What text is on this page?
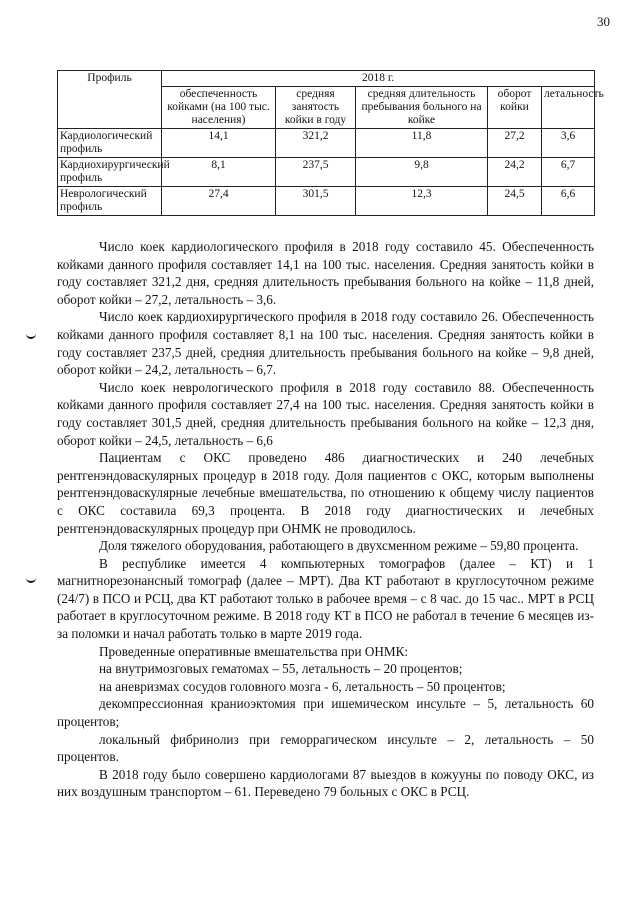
30
Профиль	2018 г.				
	обеспеченность койками (на 100 тыс. населения)	средняя занятость койки в году	средняя длительность пребывания больного на койке	оборот койки	летальность
Кардиологический профиль	14,1	321,2	11,8	27,2	3,6
Кардиохирургический профиль	8,1	237,5	9,8	24,2	6,7
Неврологический профиль	27,4	301,5	12,3	24,5	6,6

Число коек кардиологического профиля в 2018 году составило 45. Обеспеченность койками данного профиля составляет 14,1 на 100 тыс. населения. Средняя занятость койки в году составляет 321,2 дня, средняя длительность пребывания больного на койке – 11,8 дней, оборот койки – 27,2, летальность – 3,6.

Число коек кардиохирургического профиля в 2018 году составило 26. Обеспеченность койками данного профиля составляет 8,1 на 100 тыс. населения. Средняя занятость койки в году составляет 237,5 дней, средняя длительность пребывания больного на койке – 9,8 дней, оборот койки – 24,2, летальность – 6,7.

Число коек неврологического профиля в 2018 году составило 88. Обеспеченность койками данного профиля составляет 27,4 на 100 тыс. населения. Средняя занятость койки в году составляет 301,5 дней, средняя длительность пребывания больного на койке – 12,3 дня, оборот койки – 24,5, летальность – 6,6

Пациентам с ОКС проведено 486 диагностических и 240 лечебных рентгенэндоваскулярных процедур в 2018 году. Доля пациентов с ОКС, которым выполнены рентгенэндоваскулярные лечебные вмешательства, по отношению к общему числу пациентов с ОКС составила 69,3 процента. В 2018 году диагностических и лечебных рентгенэндоваскулярных процедур при ОНМК не проводилось.

Доля тяжелого оборудования, работающего в двухсменном режиме – 59,80 процента.

В республике имеется 4 компьютерных томографов (далее – КТ) и 1 магнитнорезонансный томограф (далее – МРТ). Два КТ работают в круглосуточном режиме (24/7) в ПСО и РСЦ, два КТ работают только в рабочее время – с 8 час. до 15 час.. МРТ в РСЦ работает в круглосуточном режиме. В 2018 году КТ в ПСО не работал в течение 6 месяцев из-за поломки и начал работать только в марте 2019 года.

Проведенные оперативные вмешательства при ОНМК:

на внутримозговых гематомах – 55, летальность – 20 процентов;

на аневризмах сосудов головного мозга - 6, летальность – 50 процентов;

декомпрессионная краниоэктомия при ишемическом инсульте – 5, летальность 60 процентов;

локальный фибринолиз при геморрагическом инсульте – 2, летальность – 50 процентов.

В 2018 году было совершено кардиологами 87 выездов в кожууны по поводу ОКС, из них воздушным транспортом – 61. Переведено 79 больных с ОКС в РСЦ.
